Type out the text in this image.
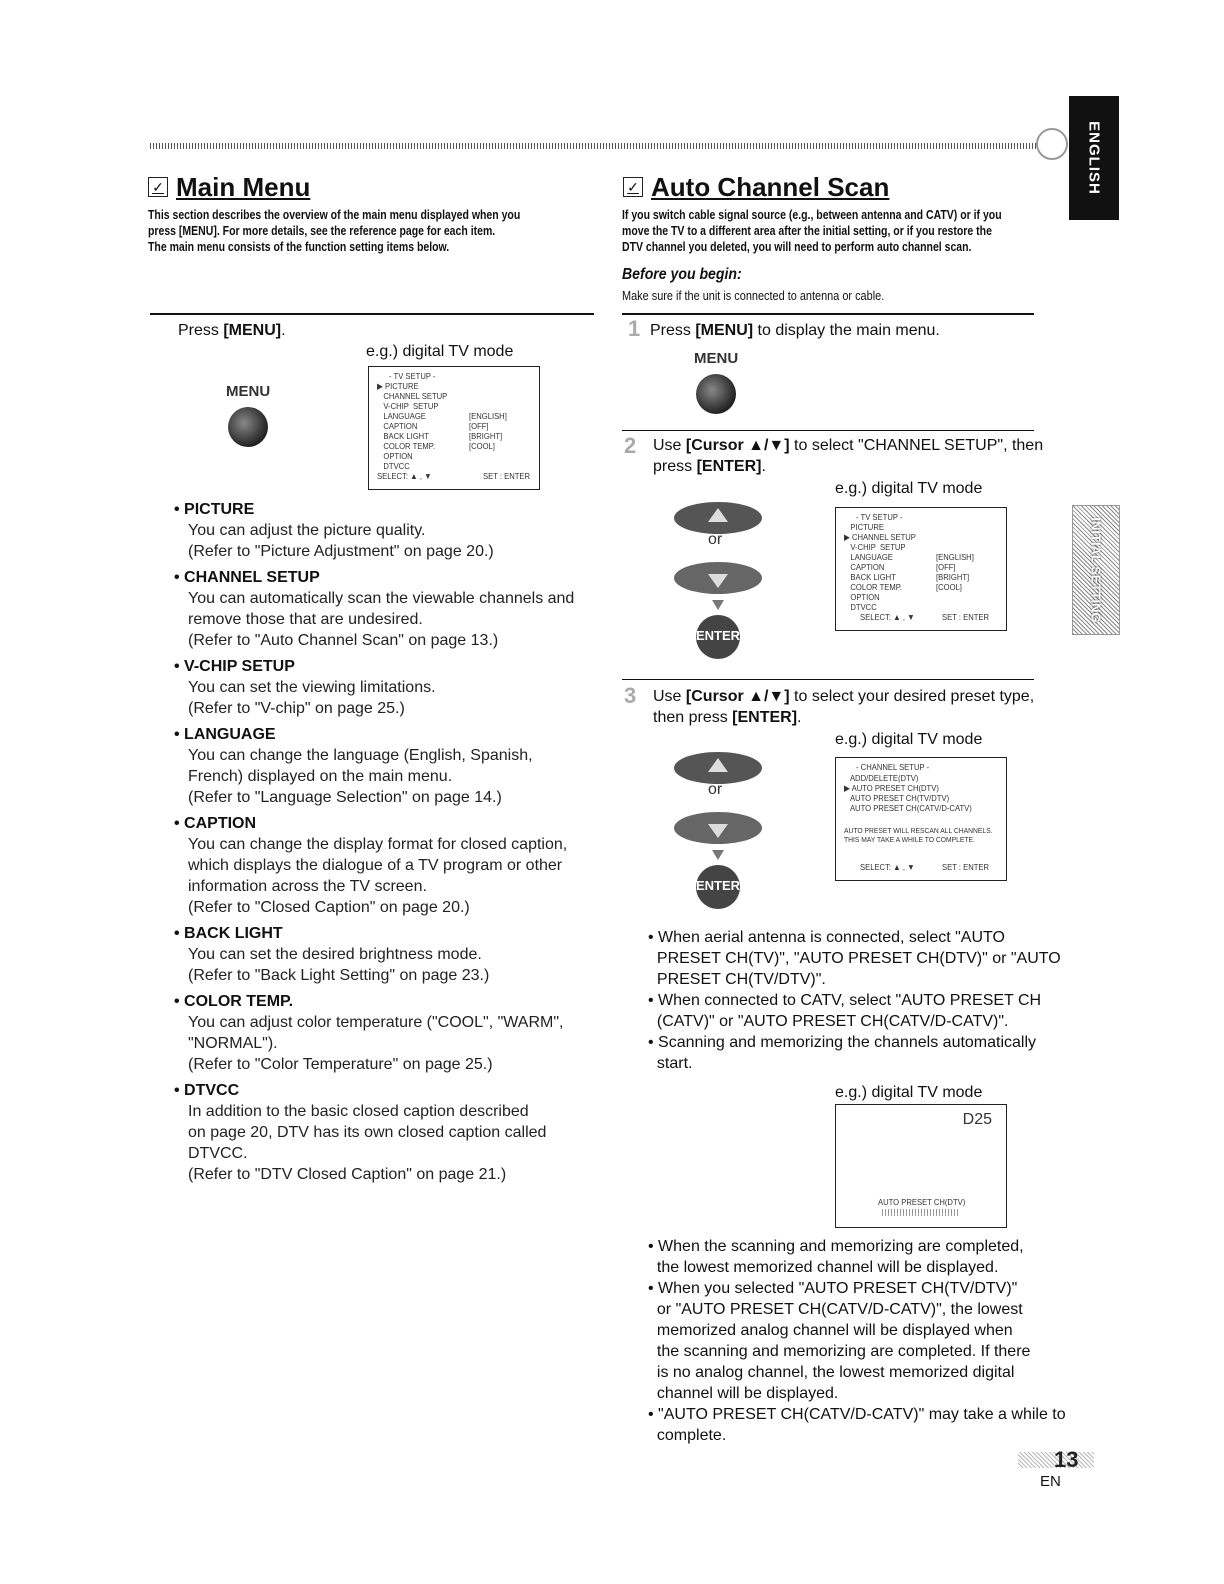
ENGLISH
INITIAL SETTING
✓ Main Menu
This section describes the overview of the main menu displayed when you
press [MENU]. For more details, see the reference page for each item.
The main menu consists of the function setting items below.
Press [MENU].
e.g.) digital TV mode
MENU
- TV SETUP -
▶ PICTURE
CHANNEL SETUP
V-CHIP  SETUP
LANGUAGE	[ENGLISH]
CAPTION	[OFF]
BACK LIGHT	[BRIGHT]
COLOR TEMP.	[COOL]
OPTION
DTVCC
SELECT: ▲ , ▼	SET : ENTER
• PICTURE
You can adjust the picture quality.
(Refer to "Picture Adjustment" on page 20.)
• CHANNEL SETUP
You can automatically scan the viewable channels and
remove those that are undesired.
(Refer to "Auto Channel Scan" on page 13.)
• V-CHIP SETUP
You can set the viewing limitations.
(Refer to "V-chip" on page 25.)
• LANGUAGE
You can change the language (English, Spanish,
French) displayed on the main menu.
(Refer to "Language Selection" on page 14.)
• CAPTION
You can change the display format for closed caption,
which displays the dialogue of a TV program or other
information across the TV screen.
(Refer to "Closed Caption" on page 20.)
• BACK LIGHT
You can set the desired brightness mode.
(Refer to "Back Light Setting" on page 23.)
• COLOR TEMP.
You can adjust color temperature ("COOL", "WARM",
"NORMAL").
(Refer to "Color Temperature" on page 25.)
• DTVCC
In addition to the basic closed caption described
on page 20, DTV has its own closed caption called
DTVCC.
(Refer to "DTV Closed Caption" on page 21.)
✓ Auto Channel Scan
If you switch cable signal source (e.g., between antenna and CATV) or if you
move the TV to a different area after the initial setting, or if you restore the
DTV channel you deleted, you will need to perform auto channel scan.
Before you begin:
Make sure if the unit is connected to antenna or cable.
1 Press [MENU] to display the main menu.
MENU
2 Use [Cursor ▲/▼] to select "CHANNEL SETUP", then
press [ENTER].
e.g.) digital TV mode
or
ENTER
- TV SETUP -
PICTURE
▶ CHANNEL SETUP
V-CHIP  SETUP
LANGUAGE	[ENGLISH]
CAPTION	[OFF]
BACK LIGHT	[BRIGHT]
COLOR TEMP.	[COOL]
OPTION
DTVCC
SELECT: ▲ , ▼	SET : ENTER
3 Use [Cursor ▲/▼] to select your desired preset type,
then press [ENTER].
e.g.) digital TV mode
or
ENTER
- CHANNEL SETUP -
ADD/DELETE(DTV)
▶ AUTO PRESET CH(DTV)
AUTO PRESET CH(TV/DTV)
AUTO PRESET CH(CATV/D-CATV)
AUTO PRESET WILL RESCAN ALL CHANNELS.
THIS MAY TAKE A WHILE TO COMPLETE.
SELECT: ▲ , ▼	SET : ENTER
• When aerial antenna is connected, select "AUTO
PRESET CH(TV)", "AUTO PRESET CH(DTV)" or "AUTO
PRESET CH(TV/DTV)".
• When connected to CATV, select "AUTO PRESET CH
(CATV)" or "AUTO PRESET CH(CATV/D-CATV)".
• Scanning and memorizing the channels automatically
start.
e.g.) digital TV mode
D25
AUTO PRESET CH(DTV)
• When the scanning and memorizing are completed,
the lowest memorized channel will be displayed.
• When you selected "AUTO PRESET CH(TV/DTV)"
or "AUTO PRESET CH(CATV/D-CATV)", the lowest
memorized analog channel will be displayed when
the scanning and memorizing are completed. If there
is no analog channel, the lowest memorized digital
channel will be displayed.
• "AUTO PRESET CH(CATV/D-CATV)" may take a while to
complete.
13
EN
